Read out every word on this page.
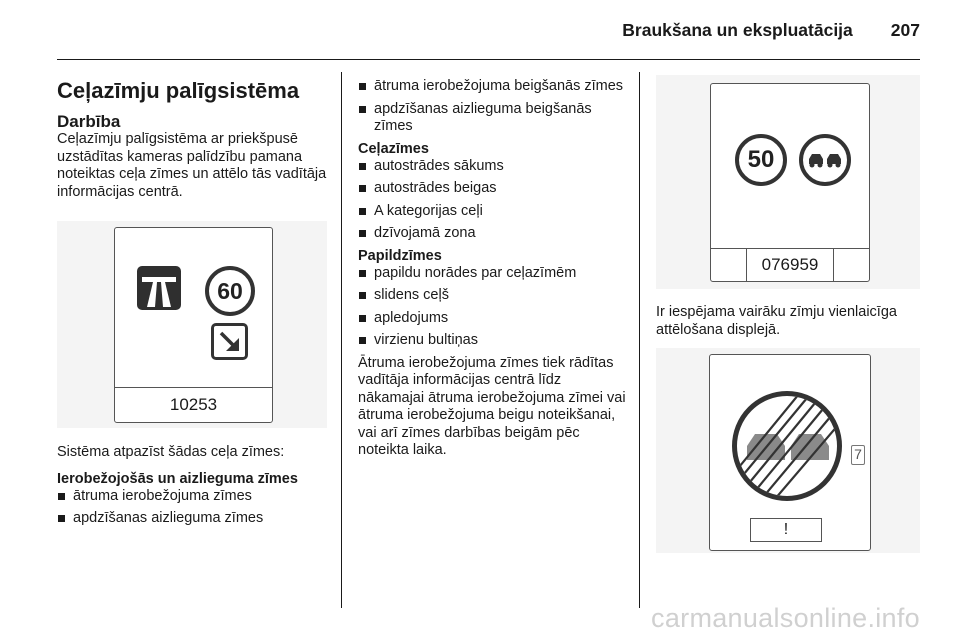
Braukšana un ekspluatācija 207
Ceļazīmju palīgsistēma
Darbība

Ceļazīmju palīgsistēma ar priekšpusē uzstādītas kameras palīdzību pamana noteiktas ceļa zīmes un attēlo tās vadītāja informācijas centrā.

60
10253

Sistēma atpazīst šādas ceļa zīmes:

Ierobežojošās un aizlieguma zīmes
ātruma ierobežojuma zīmes
apdzīšanas aizlieguma zīmes
ātruma ierobežojuma beigšanās zīmes
apdzīšanas aizlieguma beigšanās zīmes
Ceļazīmes
autostrādes sākums
autostrādes beigas
A kategorijas ceļi
dzīvojamā zona
Papildzīmes
papildu norādes par ceļazīmēm
slidens ceļš
apledojums
virzienu bultiņas

Ātruma ierobežojuma zīmes tiek rādītas vadītāja informācijas centrā līdz nākamajai ātruma ierobežojuma zīmei vai ātruma ierobežojuma beigu noteikšanai, vai arī zīmes darbības beigām pēc noteikta laika.

50
076959

Ir iespējama vairāku zīmju vienlaicīga attēlošana displejā.

7
!
carmanualsonline.info
